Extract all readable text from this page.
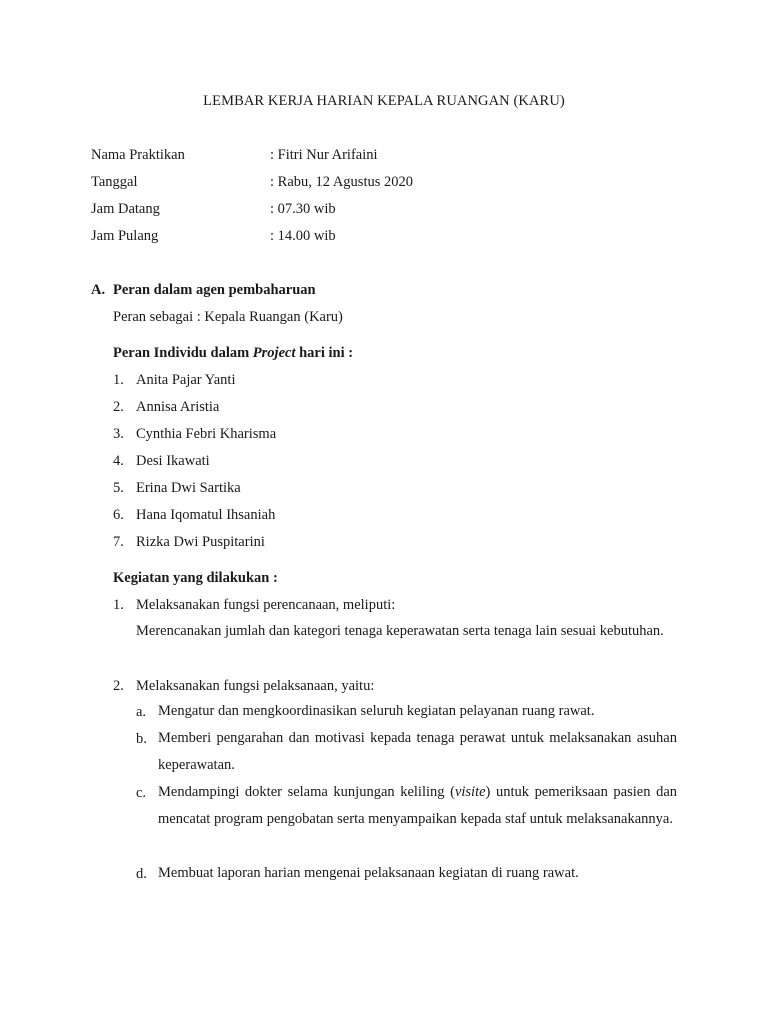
LEMBAR KERJA HARIAN KEPALA RUANGAN (KARU)
Nama Praktikan	: Fitri Nur Arifaini
Tanggal	: Rabu, 12 Agustus 2020
Jam Datang	: 07.30 wib
Jam Pulang	: 14.00 wib
A. Peran dalam agen pembaharuan
Peran sebagai : Kepala Ruangan (Karu)
Peran Individu dalam Project hari ini :
1. Anita Pajar Yanti
2. Annisa Aristia
3. Cynthia Febri Kharisma
4. Desi Ikawati
5. Erina Dwi Sartika
6. Hana Iqomatul Ihsaniah
7. Rizka Dwi Puspitarini
Kegiatan yang dilakukan :
1. Melaksanakan fungsi perencanaan, meliputi:
Merencanakan jumlah dan kategori tenaga keperawatan serta tenaga lain sesuai kebutuhan.
2. Melaksanakan fungsi pelaksanaan, yaitu:
a. Mengatur dan mengkoordinasikan seluruh kegiatan pelayanan ruang rawat.
b. Memberi pengarahan dan motivasi kepada tenaga perawat untuk melaksanakan asuhan keperawatan.
c. Mendampingi dokter selama kunjungan keliling (visite) untuk pemeriksaan pasien dan mencatat program pengobatan serta menyampaikan kepada staf untuk melaksanakannya.
d. Membuat laporan harian mengenai pelaksanaan kegiatan di ruang rawat.
